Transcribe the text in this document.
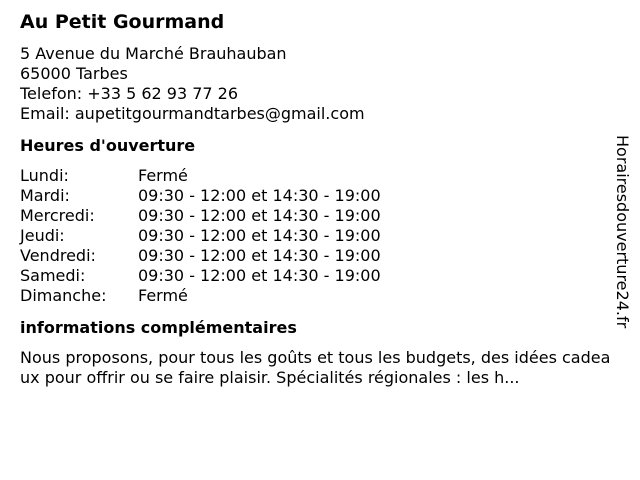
Au Petit Gourmand
5 Avenue du Marché Brauhauban
65000 Tarbes
Telefon: +33 5 62 93 77 26
Email: aupetitgourmandtarbes@gmail.com
Heures d'ouverture
Lundi:	Fermé
Mardi:	09:30 - 12:00 et 14:30 - 19:00
Mercredi:	09:30 - 12:00 et 14:30 - 19:00
Jeudi:	09:30 - 12:00 et 14:30 - 19:00
Vendredi:	09:30 - 12:00 et 14:30 - 19:00
Samedi:	09:30 - 12:00 et 14:30 - 19:00
Dimanche:	Fermé
informations complémentaires
Nous proposons, pour tous les goûts et tous les budgets, des idées cadeaux pour offrir ou se faire plaisir. Spécialités régionales : les h...
Horairesdouverture24.fr
